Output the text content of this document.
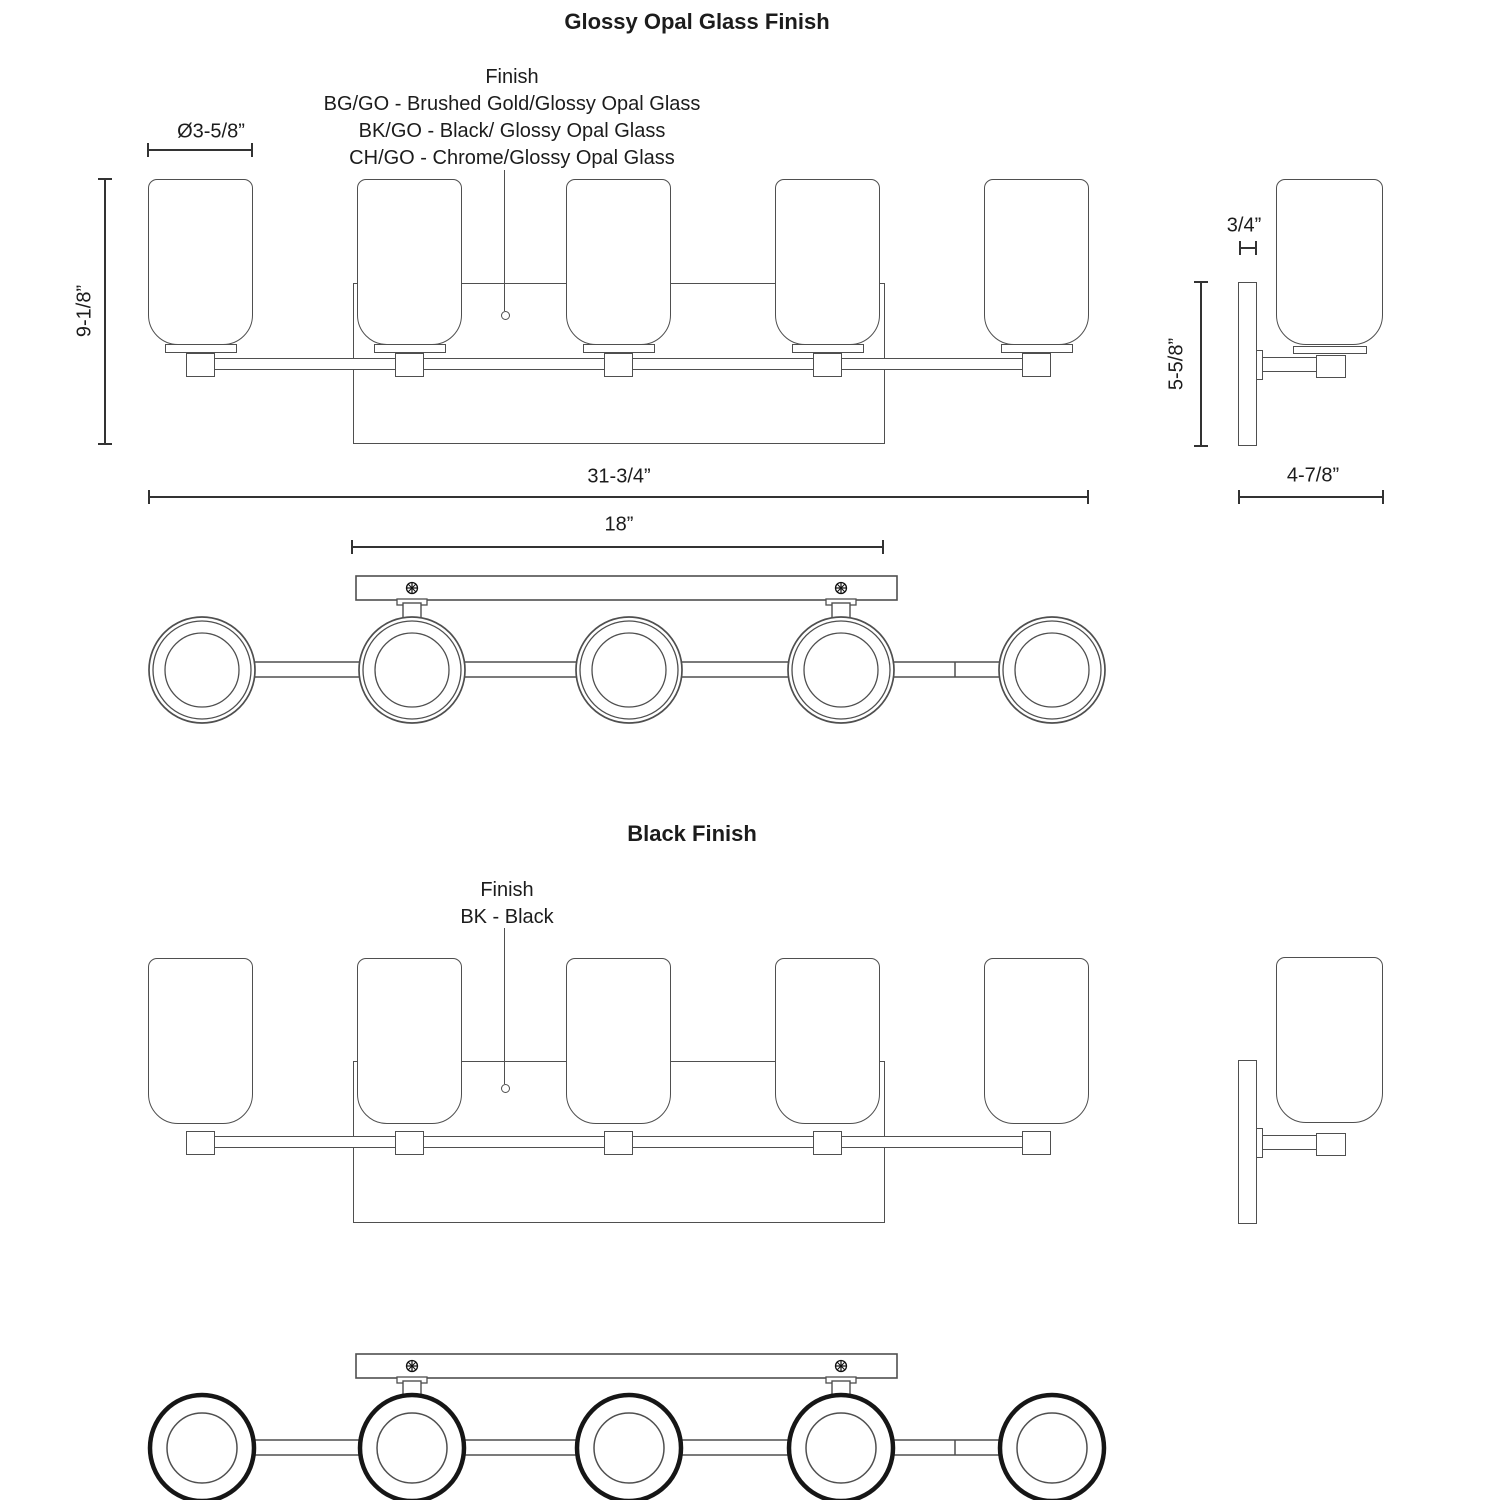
Glossy Opal Glass Finish
Finish
BG/GO - Brushed Gold/Glossy Opal Glass
BK/GO - Black/ Glossy Opal Glass
CH/GO - Chrome/Glossy Opal Glass
Black Finish
Finish
BK - Black
Ø3-5/8”
9-1/8”
31-3/4”
18”
3/4”
5-5/8”
4-7/8”
